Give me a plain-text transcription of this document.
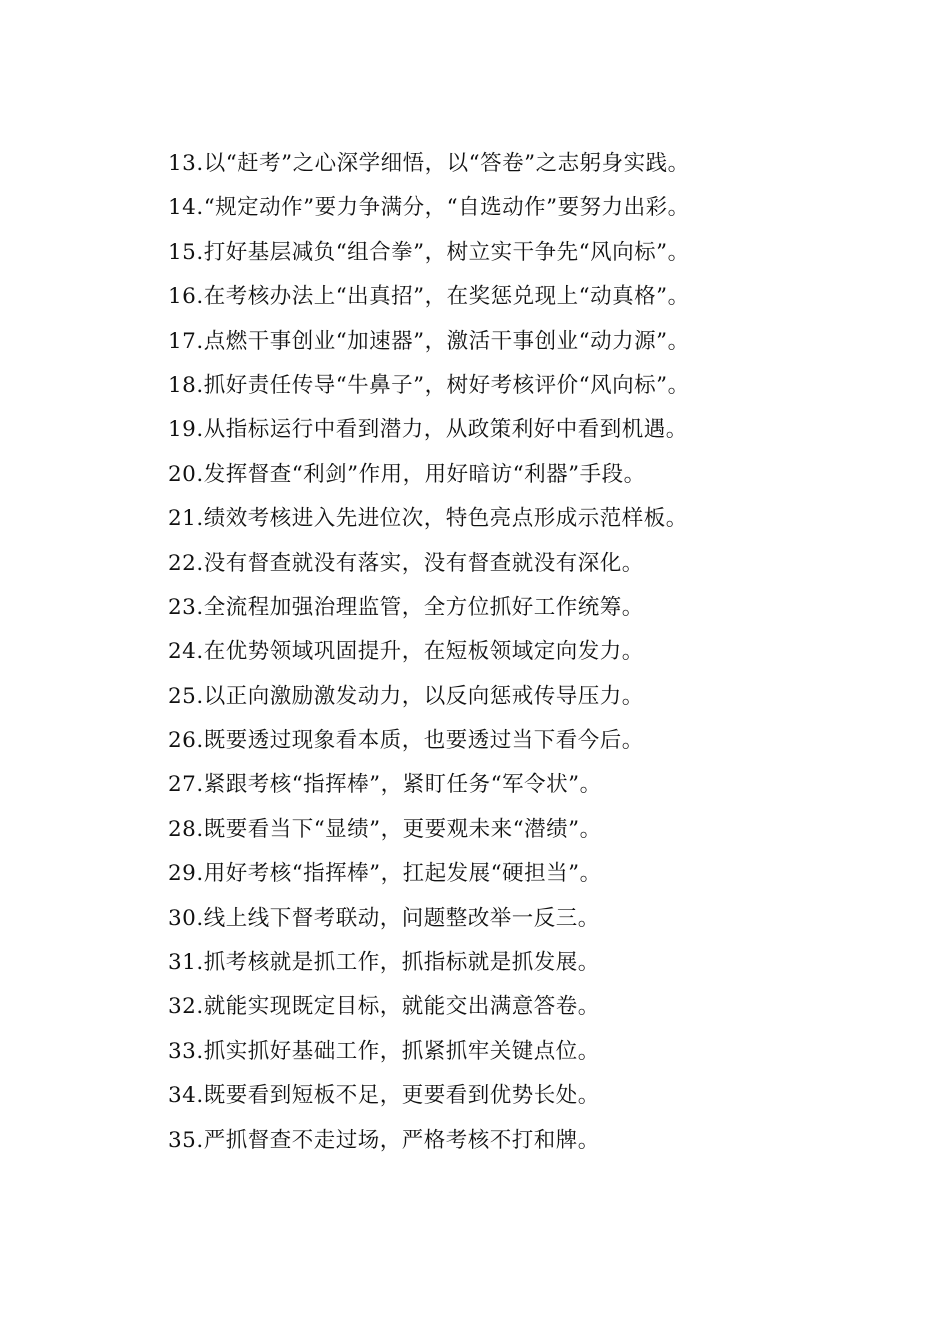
13.以“赶考”之心深学细悟，以“答卷”之志躬身实践。
14.“规定动作”要力争满分，“自选动作”要努力出彩。
15.打好基层减负“组合拳”，树立实干争先“风向标”。
16.在考核办法上“出真招”，在奖惩兑现上“动真格”。
17.点燃干事创业“加速器”，激活干事创业“动力源”。
18.抓好责任传导“牛鼻子”，树好考核评价“风向标”。
19.从指标运行中看到潜力，从政策利好中看到机遇。
20.发挥督查“利剑”作用，用好暗访“利器”手段。
21.绩效考核进入先进位次，特色亮点形成示范样板。
22.没有督查就没有落实，没有督查就没有深化。
23.全流程加强治理监管，全方位抓好工作统筹。
24.在优势领域巩固提升，在短板领域定向发力。
25.以正向激励激发动力，以反向惩戒传导压力。
26.既要透过现象看本质，也要透过当下看今后。
27.紧跟考核“指挥棒”，紧盯任务“军令状”。
28.既要看当下“显绩”，更要观未来“潜绩”。
29.用好考核“指挥棒”，扛起发展“硬担当”。
30.线上线下督考联动，问题整改举一反三。
31.抓考核就是抓工作，抓指标就是抓发展。
32.就能实现既定目标，就能交出满意答卷。
33.抓实抓好基础工作，抓紧抓牢关键点位。
34.既要看到短板不足，更要看到优势长处。
35.严抓督查不走过场，严格考核不打和牌。
